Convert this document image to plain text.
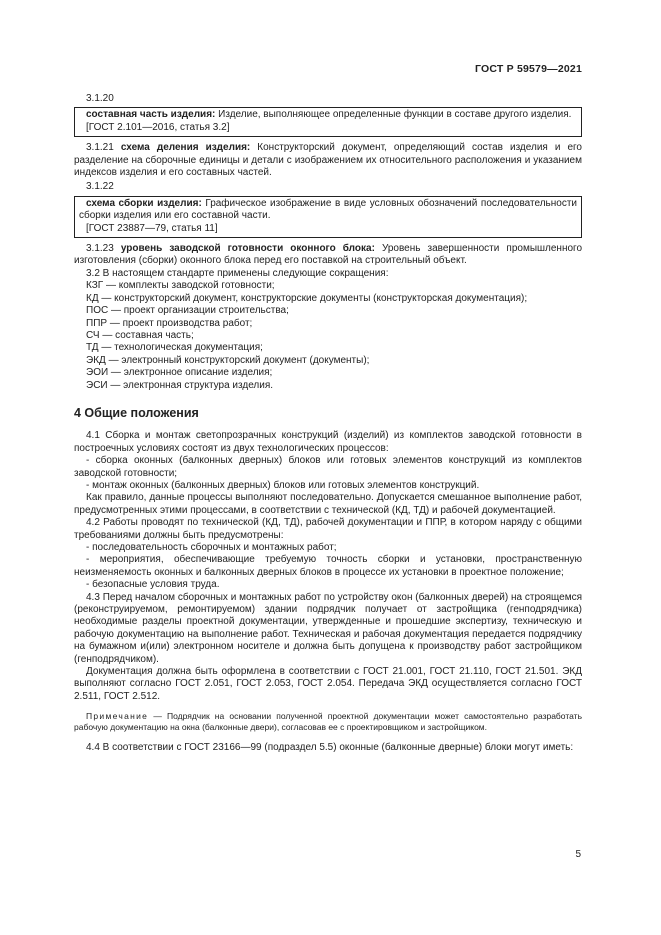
ГОСТ Р 59579—2021
3.1.20

составная часть изделия: Изделие, выполняющее определенные функции в составе другого изделия.

[ГОСТ 2.101—2016, статья 3.2]

3.1.21 схема деления изделия: Конструкторский документ, определяющий состав изделия и его разделение на сборочные единицы и детали с изображением их относительного расположения и указанием индексов изделия и его составных частей.

3.1.22

схема сборки изделия: Графическое изображение в виде условных обозначений последовательности сборки изделия или его составной части.

[ГОСТ 23887—79, статья 11]

3.1.23 уровень заводской готовности оконного блока: Уровень завершенности промышленного изготовления (сборки) оконного блока перед его поставкой на строительный объект.

3.2 В настоящем стандарте применены следующие сокращения:

КЗГ — комплекты заводской готовности;

КД — конструкторский документ, конструкторские документы (конструкторская документация);

ПОС — проект организации строительства;

ППР — проект производства работ;

СЧ — составная часть;

ТД — технологическая документация;

ЭКД — электронный конструкторский документ (документы);

ЭОИ — электронное описание изделия;

ЭСИ — электронная структура изделия.

4 Общие положения

4.1 Сборка и монтаж светопрозрачных конструкций (изделий) из комплектов заводской готовности в построечных условиях состоят из двух технологических процессов:

- сборка оконных (балконных дверных) блоков или готовых элементов конструкций из комплектов заводской готовности;

- монтаж оконных (балконных дверных) блоков или готовых элементов конструкций.

Как правило, данные процессы выполняют последовательно. Допускается смешанное выполнение работ, предусмотренных этими процессами, в соответствии с технической (КД, ТД) и рабочей документацией.

4.2 Работы проводят по технической (КД, ТД), рабочей документации и ППР, в котором наряду с общими требованиями должны быть предусмотрены:

- последовательность сборочных и монтажных работ;

- мероприятия, обеспечивающие требуемую точность сборки и установки, пространственную неизменяемость оконных и балконных дверных блоков в процессе их установки в проектное положение;

- безопасные условия труда.

4.3 Перед началом сборочных и монтажных работ по устройству окон (балконных дверей) на строящемся (реконструируемом, ремонтируемом) здании подрядчик получает от застройщика (генподрядчика) необходимые разделы проектной документации, утвержденные и прошедшие экспертизу, техническую и рабочую документацию на выполнение работ. Техническая и рабочая документация передается подрядчику на бумажном и(или) электронном носителе и должна быть допущена к производству работ застройщиком (генподрядчиком).

Документация должна быть оформлена в соответствии с ГОСТ 21.001, ГОСТ 21.110, ГОСТ 21.501. ЭКД выполняют согласно ГОСТ 2.051, ГОСТ 2.053, ГОСТ 2.054. Передача ЭКД осуществляется согласно ГОСТ 2.511, ГОСТ 2.512.

Примечание — Подрядчик на основании полученной проектной документации может самостоятельно разработать рабочую документацию на окна (балконные двери), согласовав ее с проектировщиком и застройщиком.

4.4 В соответствии с ГОСТ 23166—99 (подраздел 5.5) оконные (балконные дверные) блоки могут иметь:

5
